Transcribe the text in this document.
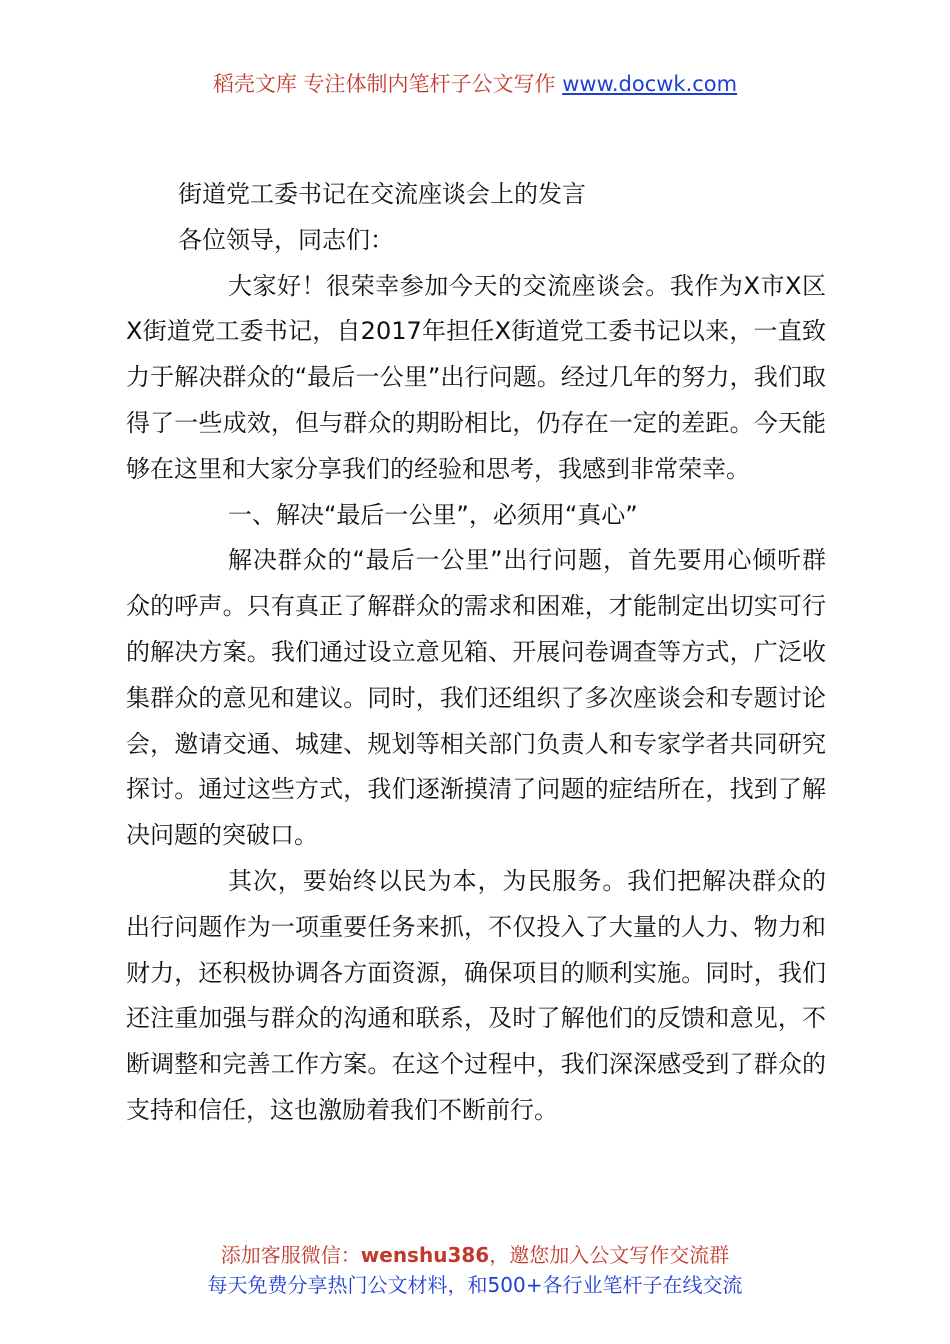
稻壳文库 专注体制内笔杆子公文写作 www.docwk.com

街道党工委书记在交流座谈会上的发言

各位领导，同志们：

大家好！很荣幸参加今天的交流座谈会。我作为X市X区X街道党工委书记，自2017年担任X街道党工委书记以来，一直致力于解决群众的“最后一公里”出行问题。经过几年的努力，我们取得了一些成效，但与群众的期盼相比，仍存在一定的差距。今天能够在这里和大家分享我们的经验和思考，我感到非常荣幸。

一、解决“最后一公里”，必须用“真心”

解决群众的“最后一公里”出行问题，首先要用心倾听群众的呼声。只有真正了解群众的需求和困难，才能制定出切实可行的解决方案。我们通过设立意见箱、开展问卷调查等方式，广泛收集群众的意见和建议。同时，我们还组织了多次座谈会和专题讨论会，邀请交通、城建、规划等相关部门负责人和专家学者共同研究探讨。通过这些方式，我们逐渐摸清了问题的症结所在，找到了解决问题的突破口。

其次，要始终以民为本，为民服务。我们把解决群众的出行问题作为一项重要任务来抓，不仅投入了大量的人力、物力和财力，还积极协调各方面资源，确保项目的顺利实施。同时，我们还注重加强与群众的沟通和联系，及时了解他们的反馈和意见，不断调整和完善工作方案。在这个过程中，我们深深感受到了群众的支持和信任，这也激励着我们不断前行。

添加客服微信：wenshu386，邀您加入公文写作交流群
每天免费分享热门公文材料，和500+各行业笔杆子在线交流
